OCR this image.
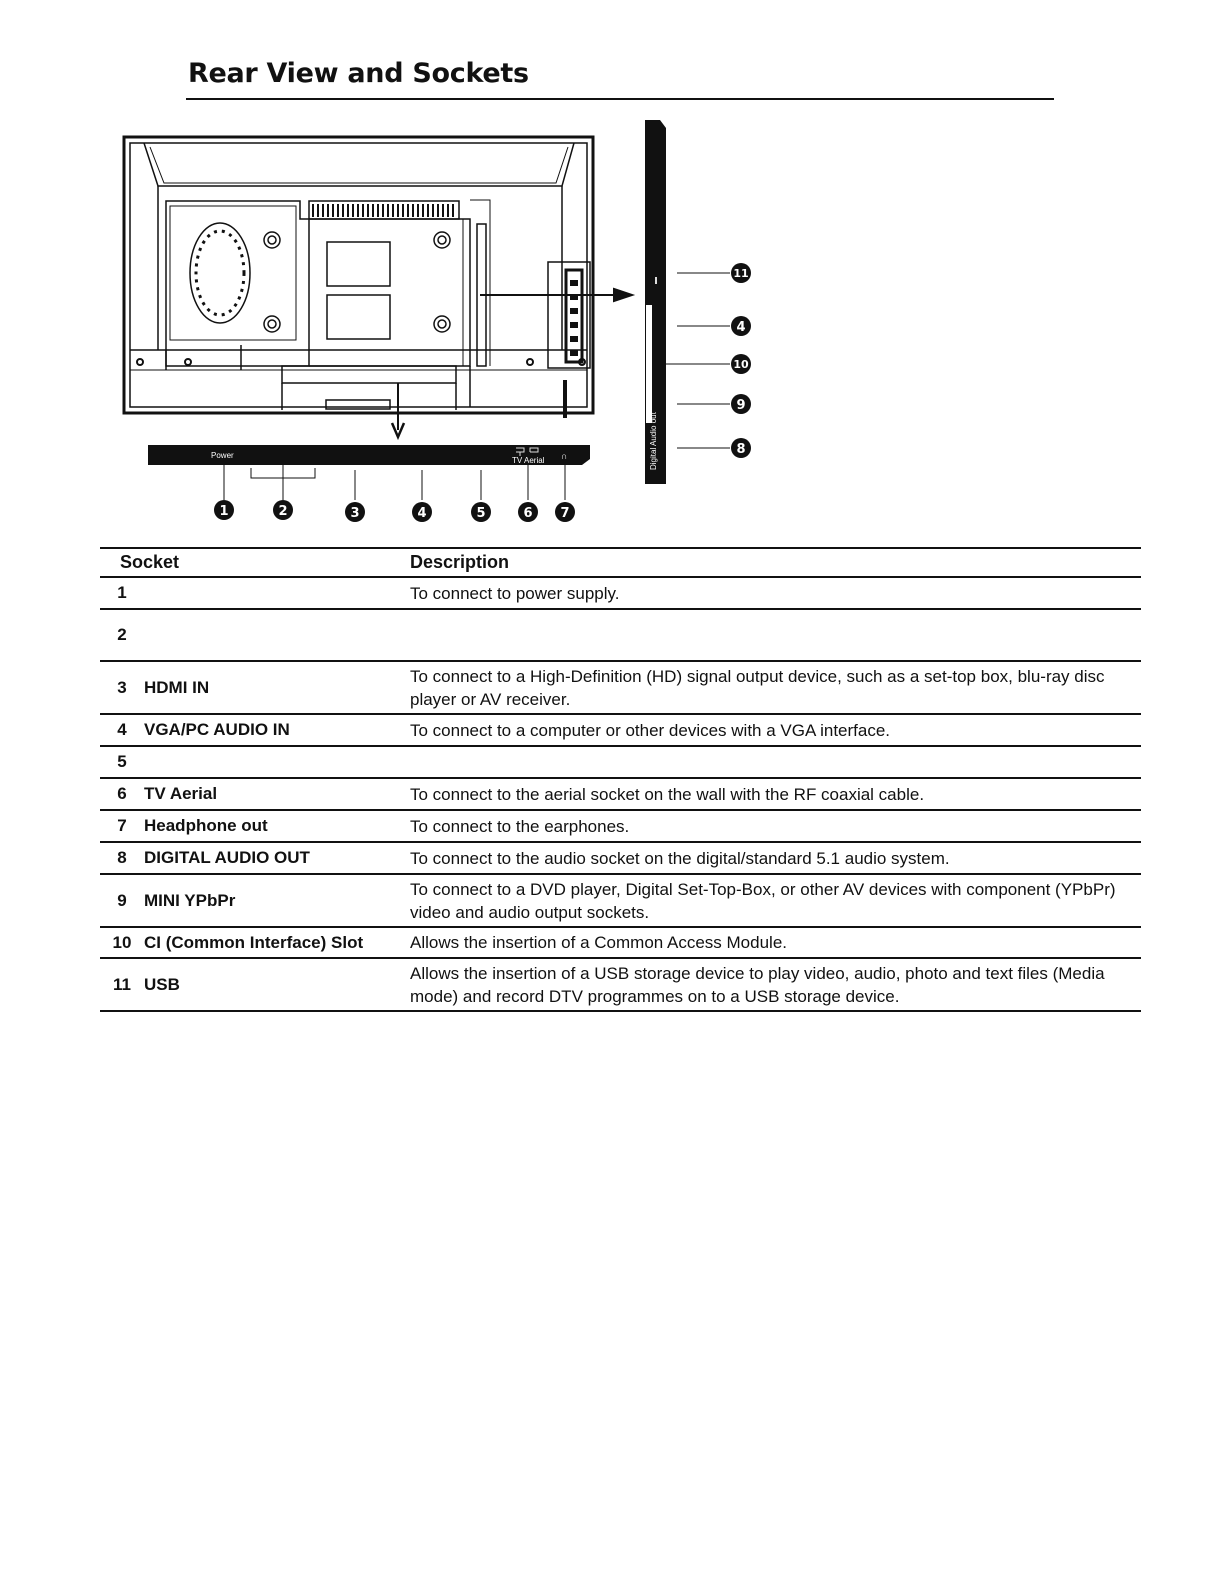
Rear View and Sockets
Power
TV Aerial ∩	Digital Audio out
1	2	3	4	5	6 7
11
4
10
9
8
Socket		Description
1		To connect to power supply.
2		
3	HDMI IN	To connect to a High-Definition (HD) signal output device, such as a set-top box, blu-ray disc player or AV receiver.
4	VGA/PC AUDIO IN	To connect to a computer or other devices with a VGA interface.
5		
6	TV Aerial	To connect to the aerial socket on the wall with the RF coaxial cable.
7	Headphone out	To connect to the earphones.
8	DIGITAL AUDIO OUT	To connect to the audio socket on the digital/standard 5.1 audio system.
9	MINI YPbPr	To connect to a DVD player, Digital Set-Top-Box, or other AV devices with component (YPbPr) video and audio output sockets.
10	CI (Common Interface) Slot	Allows the insertion of a Common Access Module.
11	USB	Allows the insertion of a USB storage device to play video, audio, photo and text files (Media mode) and record DTV programmes on to a USB storage device.
